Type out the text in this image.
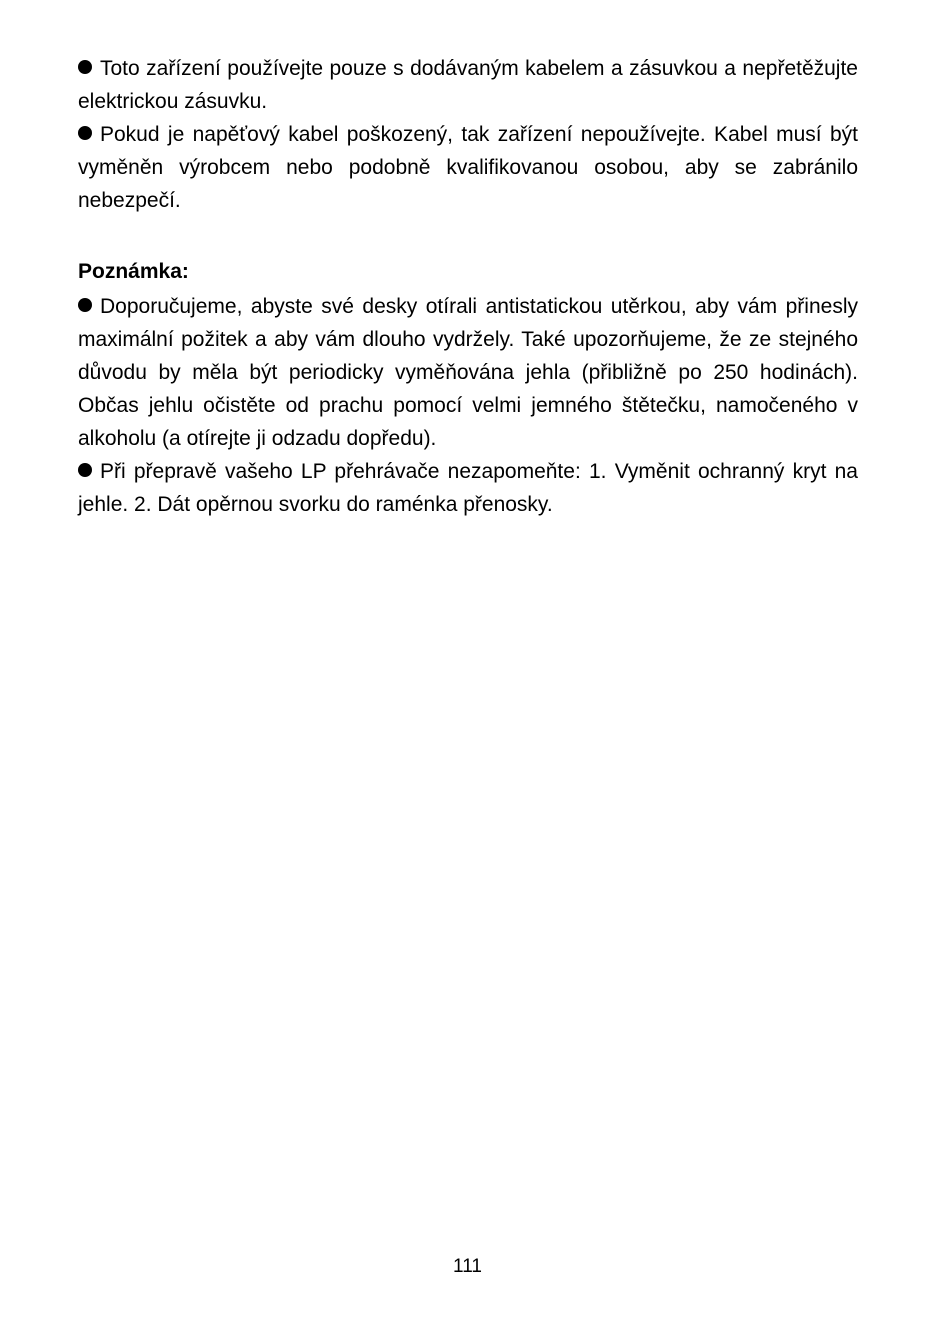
Toto zařízení používejte pouze s dodávaným kabelem a zásuvkou a nepřetěžujte elektrickou zásuvku.

Pokud je napěťový kabel poškozený, tak zařízení nepoužívejte. Kabel musí být vyměněn výrobcem nebo podobně kvalifikovanou osobou, aby se zabránilo nebezpečí.

Poznámka:

Doporučujeme, abyste své desky otírali antistatickou utěrkou, aby vám přinesly maximální požitek a aby vám dlouho vydržely. Také upozorňujeme, že ze stejného důvodu by měla být periodicky vyměňována jehla (přibližně po 250 hodinách). Občas jehlu očistěte od prachu pomocí velmi jemného štětečku, namočeného v alkoholu (a otírejte ji odzadu dopředu).

Při přepravě vašeho LP přehrávače nezapomeňte: 1. Vyměnit ochranný kryt na jehle. 2. Dát opěrnou svorku do raménka přenosky.

111
